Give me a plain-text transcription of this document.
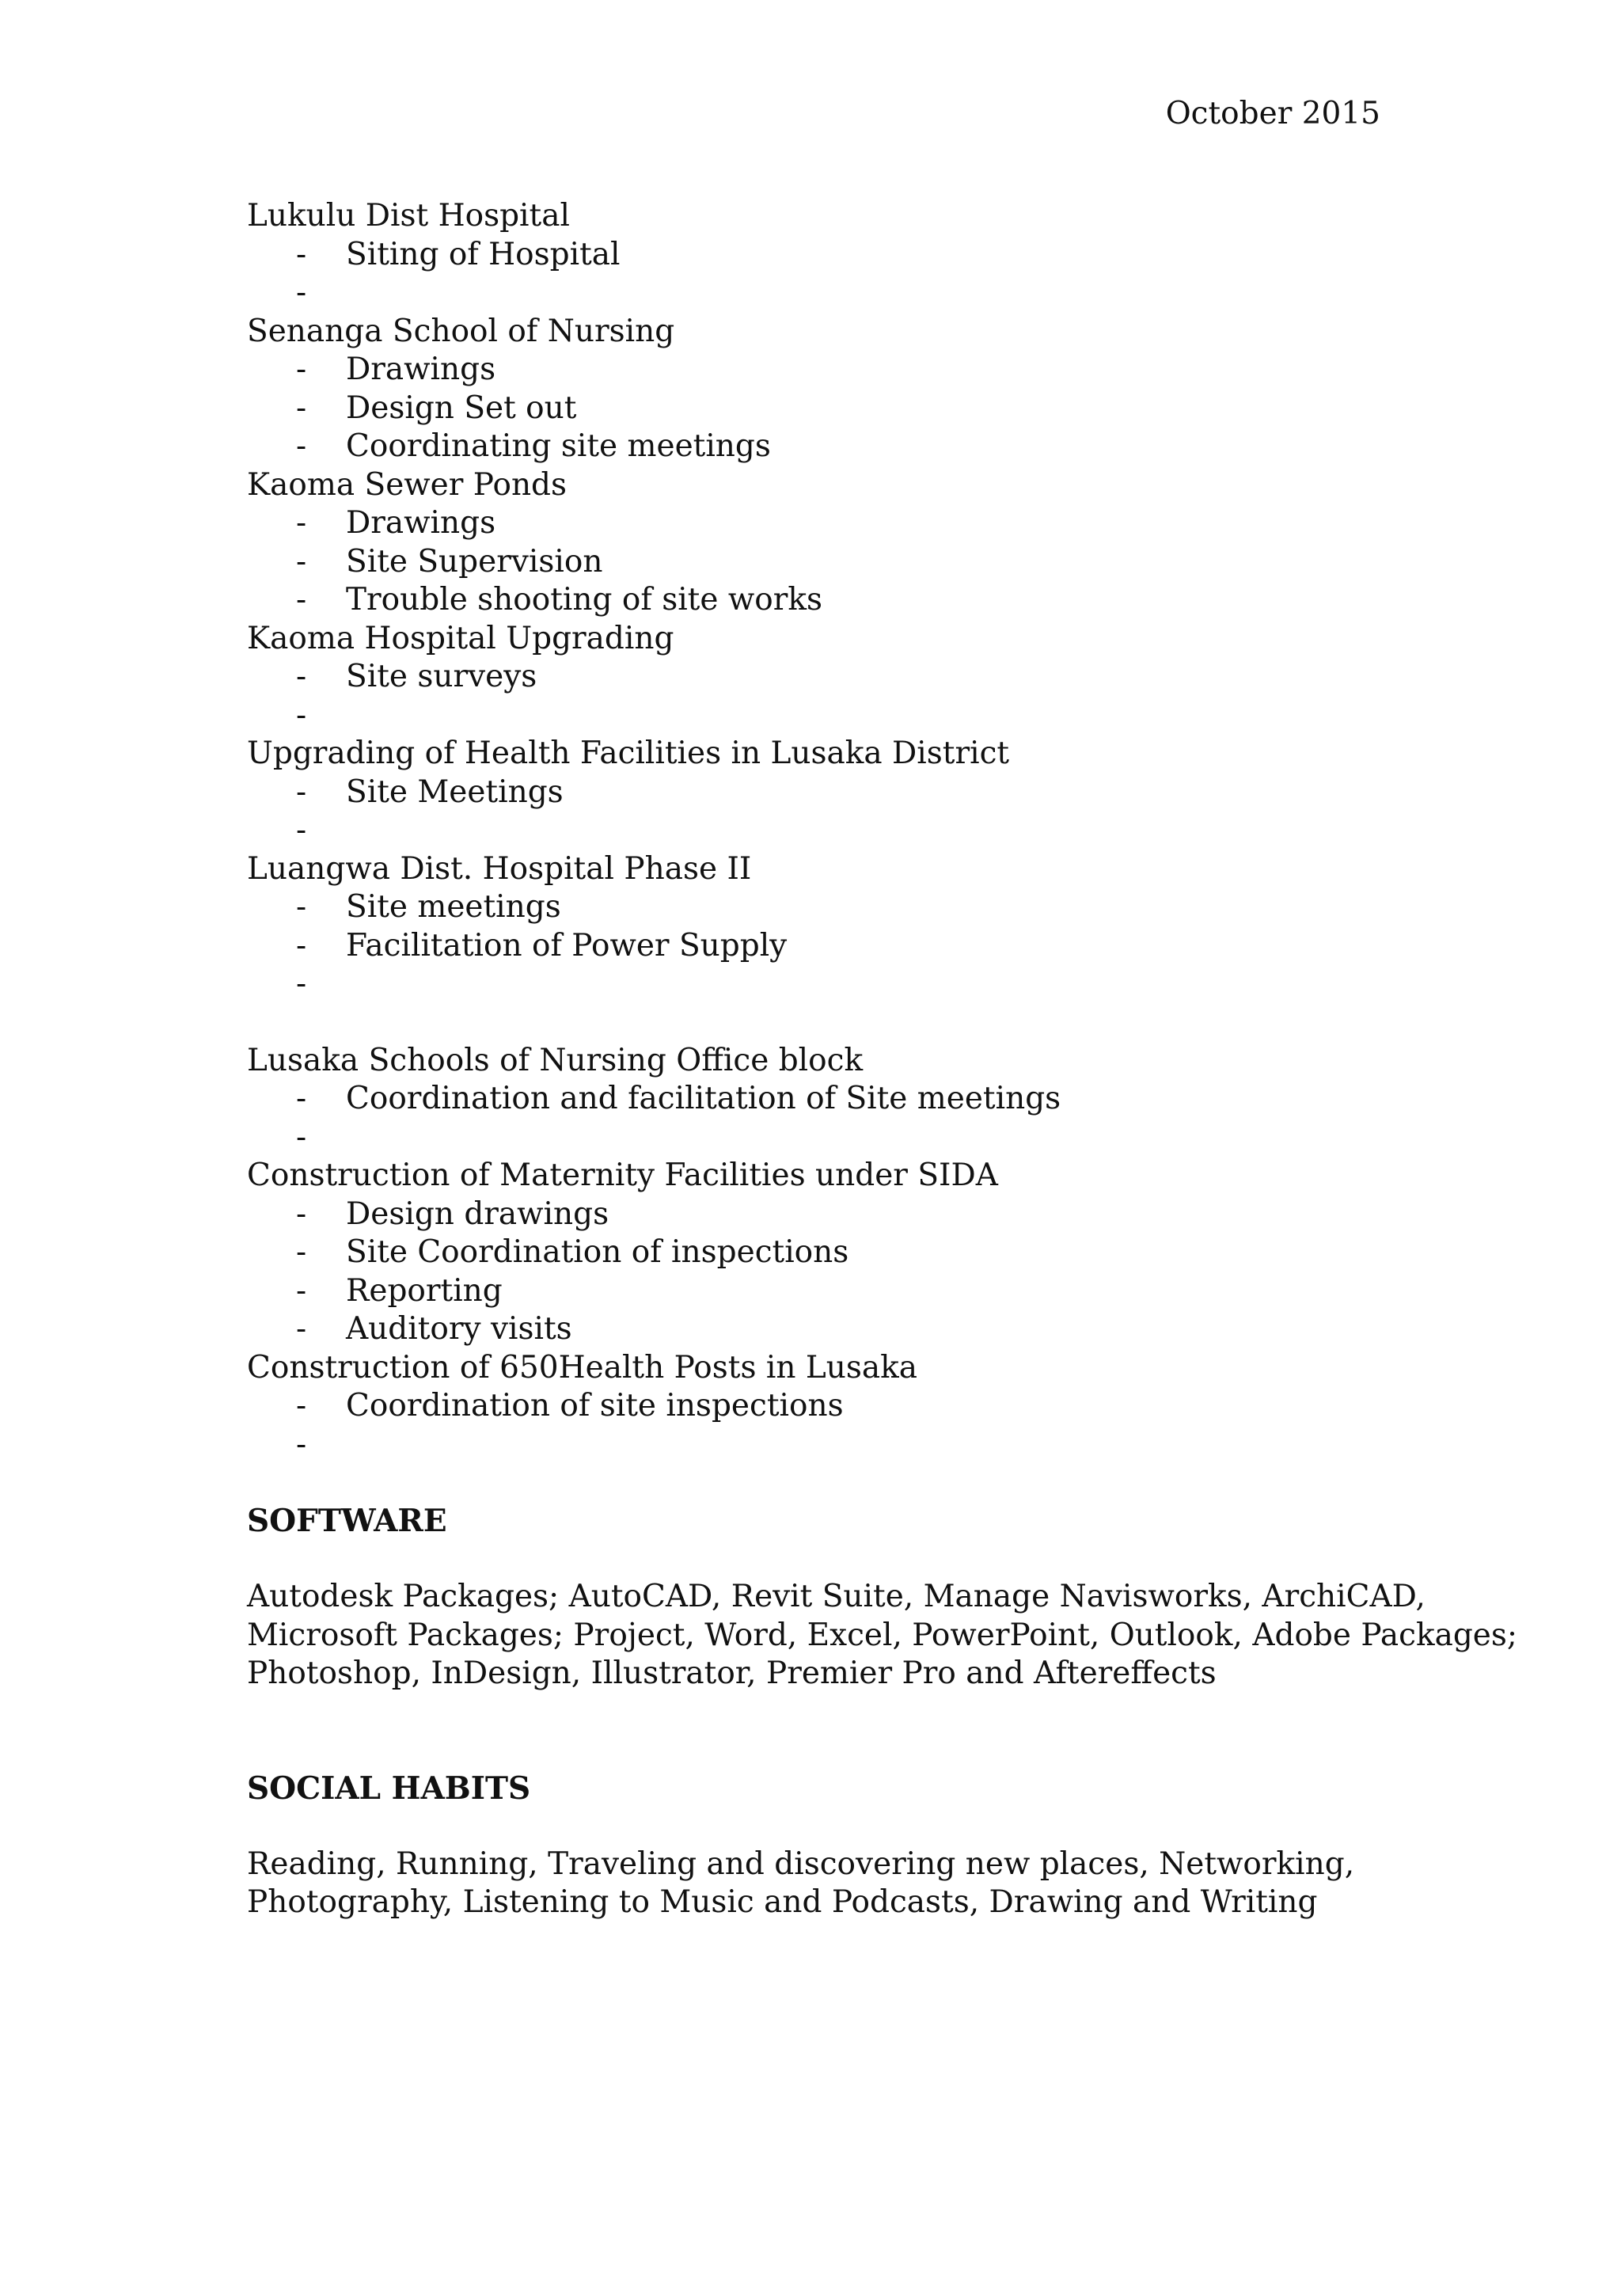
October 2015
Lukulu Dist Hospital
- Siting of Hospital
-
Senanga School of Nursing
- Drawings
- Design Set out
- Coordinating site meetings
Kaoma Sewer Ponds
- Drawings
- Site Supervision
- Trouble shooting of site works
Kaoma Hospital Upgrading
- Site surveys
-
Upgrading of Health Facilities in Lusaka District
- Site Meetings
-
Luangwa Dist. Hospital Phase II
- Site meetings
- Facilitation of Power Supply
-
Lusaka Schools of Nursing Office block
- Coordination and facilitation of Site meetings
-
Construction of Maternity Facilities under SIDA
- Design drawings
- Site Coordination of inspections
- Reporting
- Auditory visits
Construction of 650Health Posts in Lusaka
- Coordination of site inspections
-
SOFTWARE
Autodesk Packages; AutoCAD, Revit Suite, Manage Navisworks, ArchiCAD,
Microsoft Packages; Project, Word, Excel, PowerPoint, Outlook, Adobe Packages;
Photoshop, InDesign, Illustrator, Premier Pro and Aftereffects
SOCIAL HABITS
Reading, Running, Traveling and discovering new places, Networking,
Photography, Listening to Music and Podcasts, Drawing and Writing
